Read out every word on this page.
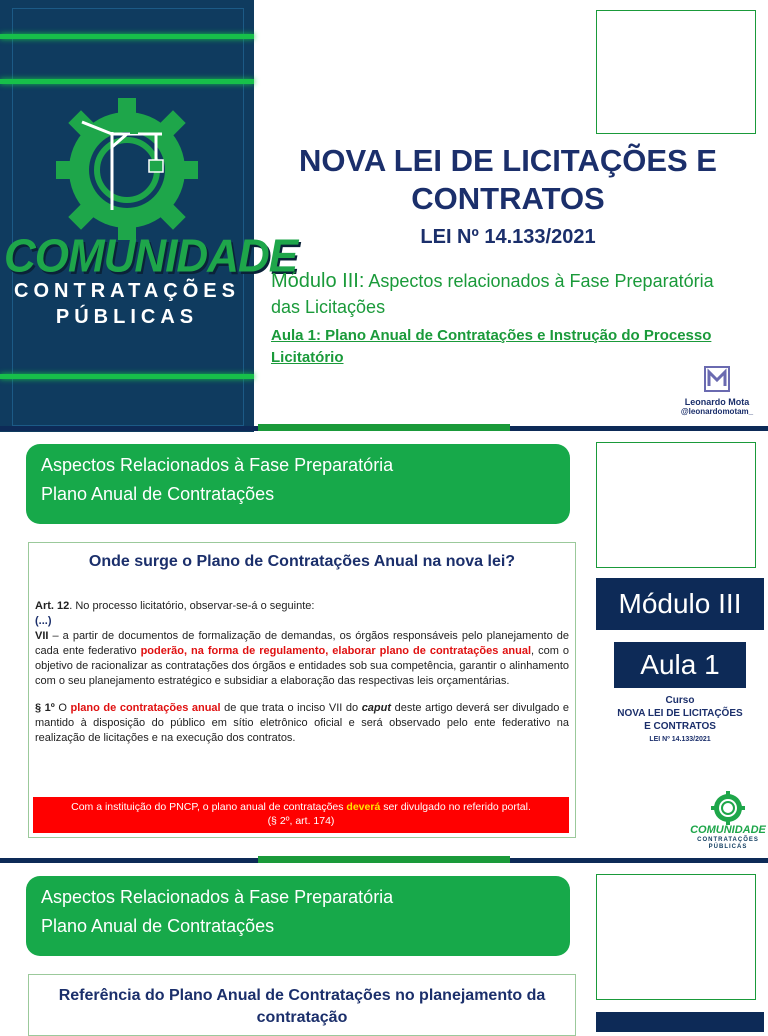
COMUNIDADE
CONTRATAÇÕES
PÚBLICAS
NOVA LEI DE LICITAÇÕES E CONTRATOS
LEI Nº 14.133/2021
Módulo III: Aspectos relacionados à Fase Preparatória das Licitações
Aula 1: Plano Anual de Contratações e Instrução do Processo Licitatório
Leonardo Mota
@leonardomotam_
Aspectos Relacionados à Fase Preparatória
Plano Anual de Contratações
Onde surge o Plano de Contratações Anual na nova lei?
Art. 12. No processo licitatório, observar-se-á o seguinte:
(...)
VII – a partir de documentos de formalização de demandas, os órgãos responsáveis pelo planejamento de cada ente federativo poderão, na forma de regulamento, elaborar plano de contratações anual, com o objetivo de racionalizar as contratações dos órgãos e entidades sob sua competência, garantir o alinhamento com o seu planejamento estratégico e subsidiar a elaboração das respectivas leis orçamentárias.
§ 1º O plano de contratações anual de que trata o inciso VII do caput deste artigo deverá ser divulgado e mantido à disposição do público em sítio eletrônico oficial e será observado pelo ente federativo na realização de licitações e na execução dos contratos.
Com a instituição do PNCP, o plano anual de contratações deverá ser divulgado no referido portal.
(§ 2º, art. 174)
Módulo III
Aula 1
Curso
NOVA LEI DE LICITAÇÕES
E CONTRATOS
LEI Nº 14.133/2021
COMUNIDADE
CONTRATAÇÕES
PÚBLICAS
Aspectos Relacionados à Fase Preparatória
Plano Anual de Contratações
Referência do Plano Anual de Contratações no planejamento da contratação
